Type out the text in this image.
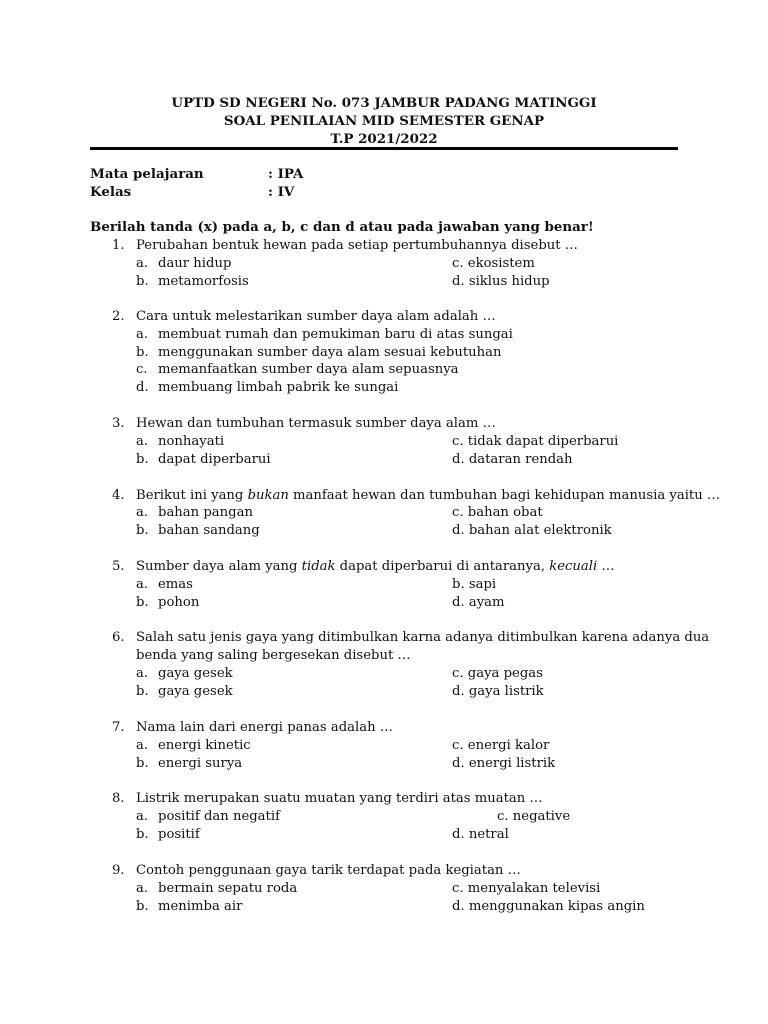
UPTD SD NEGERI No. 073 JAMBUR PADANG MATINGGI
SOAL PENILAIAN MID SEMESTER GENAP
T.P 2021/2022
Mata pelajaran	: IPA
Kelas	: IV
Berilah tanda (x) pada a, b, c dan d atau pada jawaban yang benar!
1. Perubahan bentuk hewan pada setiap pertumbuhannya disebut …
a. daur hidup	c. ekosistem
b. metamorfosis	d. siklus hidup
2. Cara untuk melestarikan sumber daya alam adalah …
a. membuat rumah dan pemukiman baru di atas sungai
b. menggunakan sumber daya alam sesuai kebutuhan
c. memanfaatkan sumber daya alam sepuasnya
d. membuang limbah pabrik ke sungai
3. Hewan dan tumbuhan termasuk sumber daya alam …
a. nonhayati	c. tidak dapat diperbarui
b. dapat diperbarui	d. dataran rendah
4. Berikut ini yang bukan manfaat hewan dan tumbuhan bagi kehidupan manusia yaitu …
a. bahan pangan	c. bahan obat
b. bahan sandang	d. bahan alat elektronik
5. Sumber daya alam yang tidak dapat diperbarui di antaranya, kecuali …
a. emas	b. sapi
b. pohon	d. ayam
6. Salah satu jenis gaya yang ditimbulkan karna adanya ditimbulkan karena adanya dua
benda yang saling bergesekan disebut …
a. gaya gesek	c. gaya pegas
b. gaya gesek	d. gaya listrik
7. Nama lain dari energi panas adalah …
a. energi kinetic	c. energi kalor
b. energi surya	d. energi listrik
8. Listrik merupakan suatu muatan yang terdiri atas muatan …
a. positif dan negatif	c. negative
b. positif	d. netral
9. Contoh penggunaan gaya tarik terdapat pada kegiatan …
a. bermain sepatu roda	c. menyalakan televisi
b. menimba air	d. menggunakan kipas angin
